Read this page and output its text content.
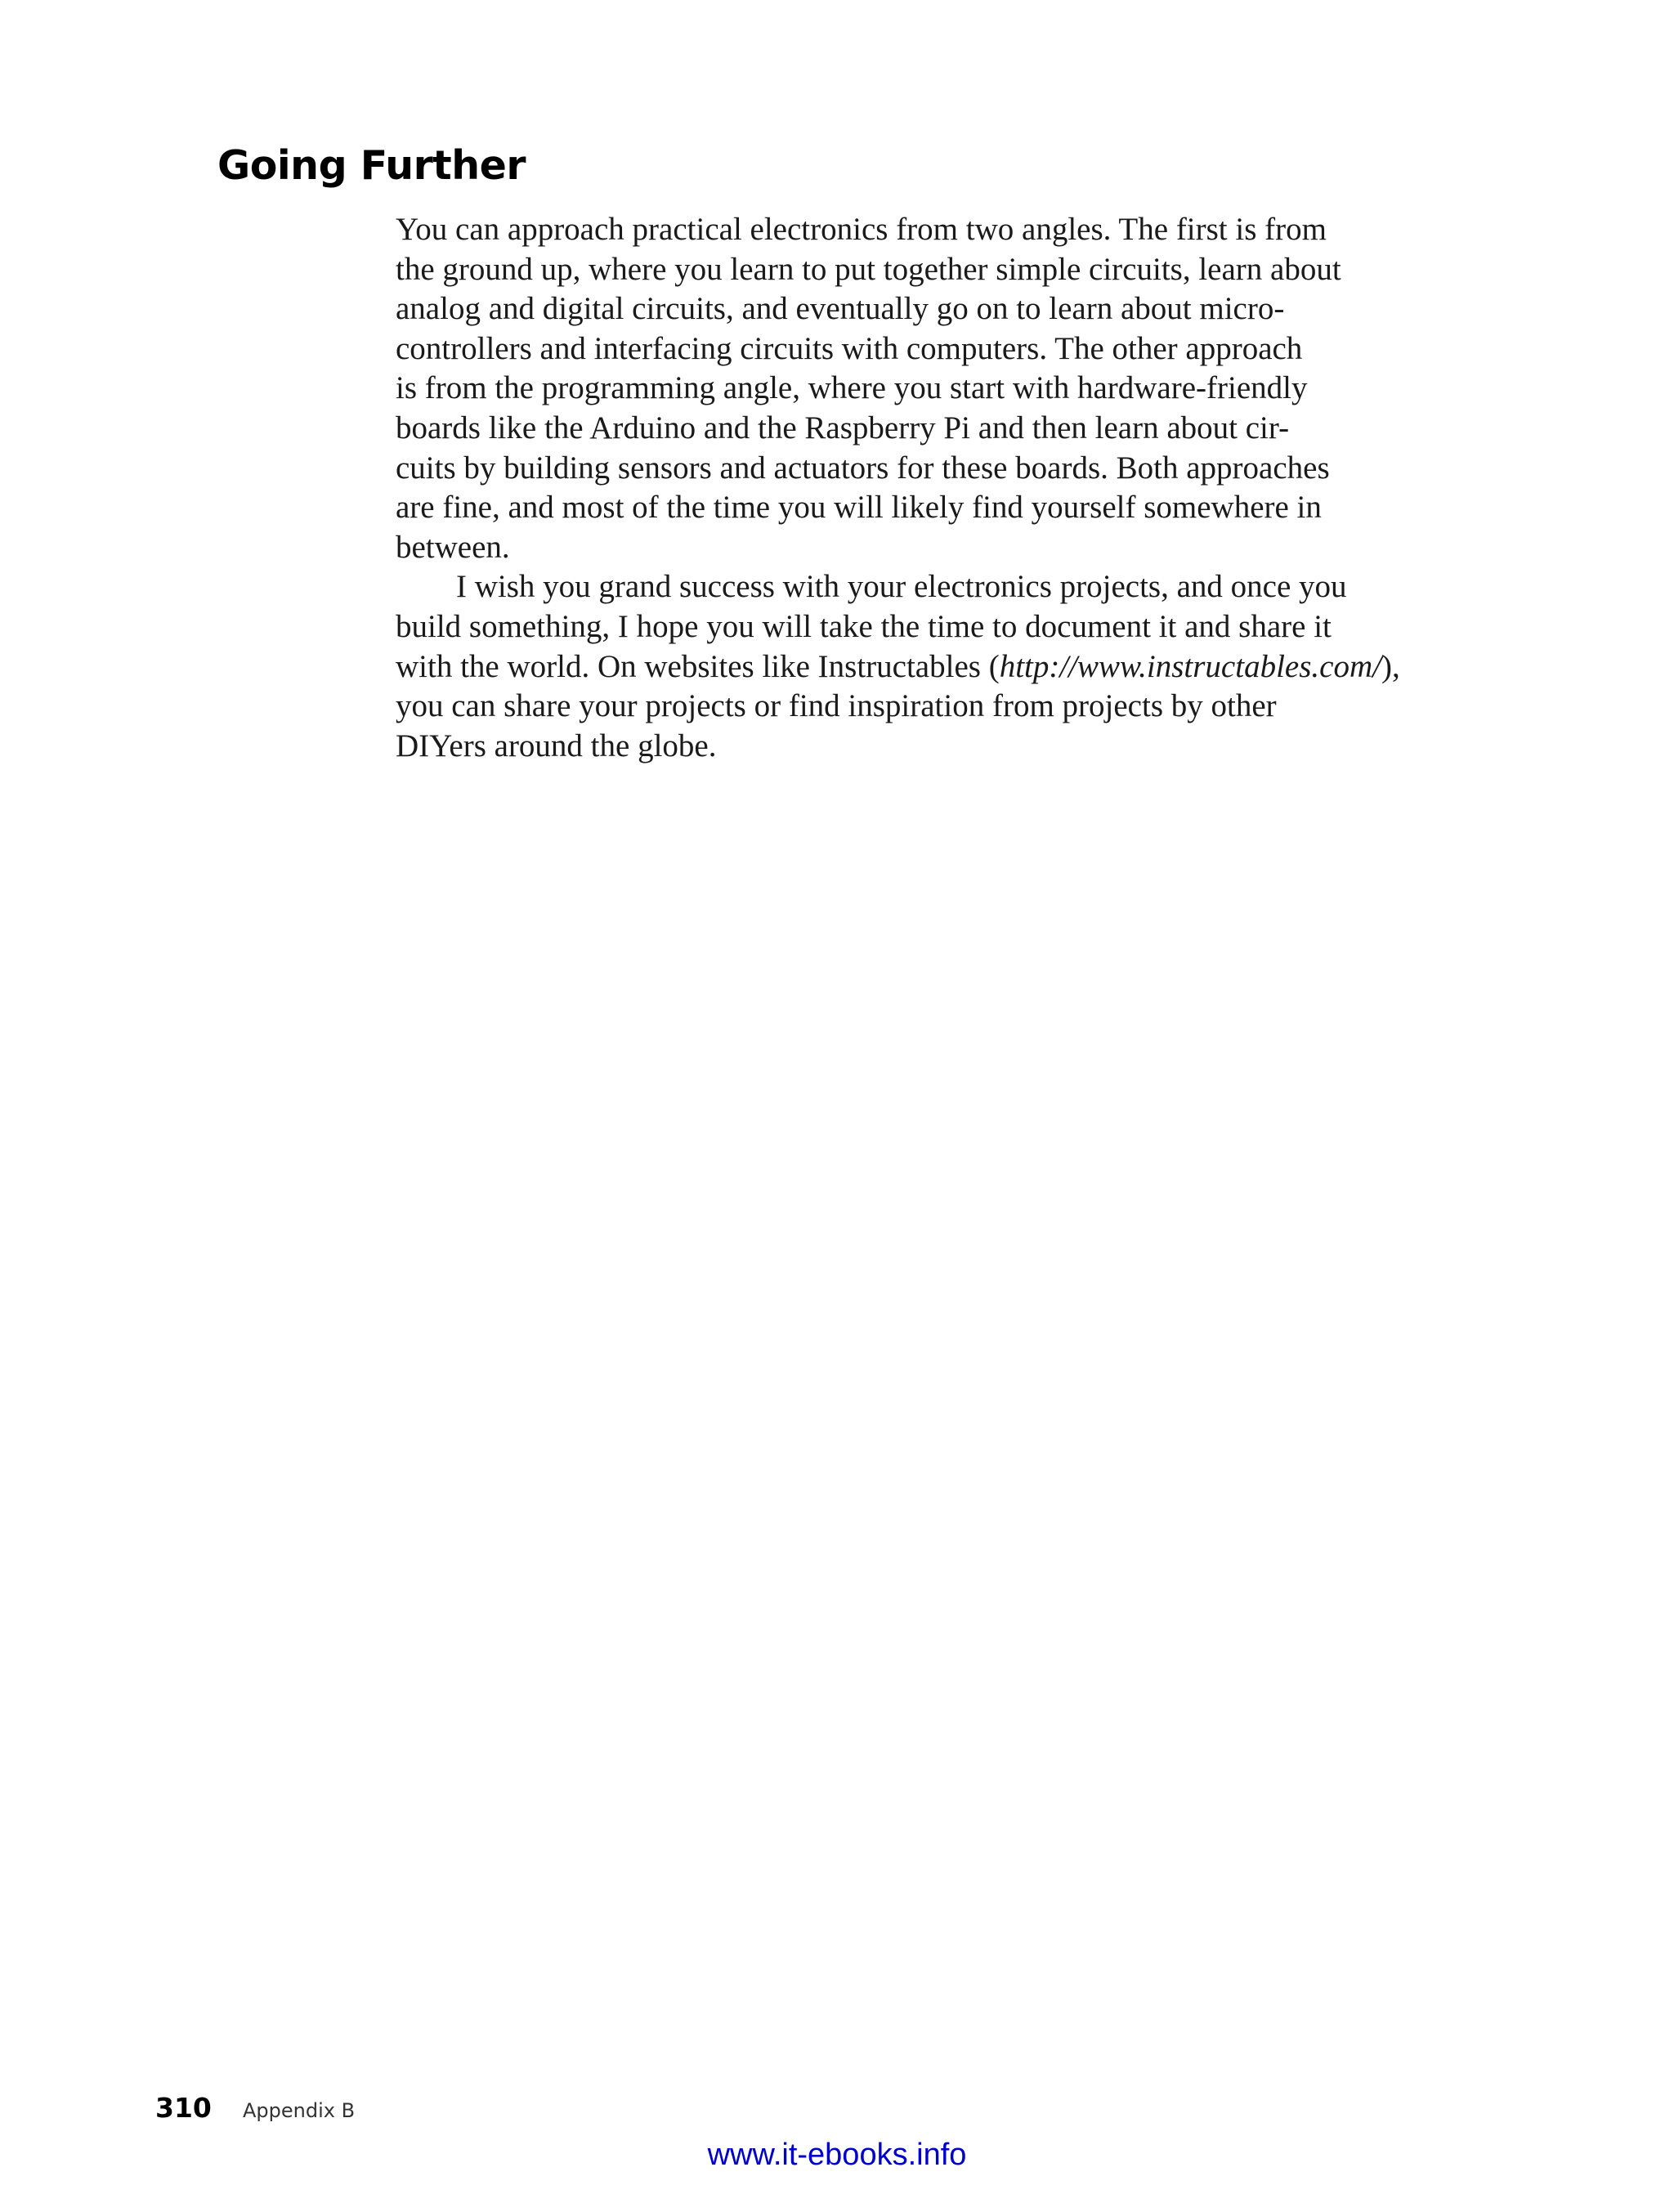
Going Further
You can approach practical electronics from two angles. The first is from
the ground up, where you learn to put together simple circuits, learn about
analog and digital circuits, and eventually go on to learn about micro-
controllers and interfacing circuits with computers. The other approach
is from the programming angle, where you start with hardware-friendly
boards like the Arduino and the Raspberry Pi and then learn about cir-
cuits by building sensors and actuators for these boards. Both approaches
are fine, and most of the time you will likely find yourself somewhere in
between.
I wish you grand success with your electronics projects, and once you
build something, I hope you will take the time to document it and share it
with the world. On websites like Instructables (http://www.instructables.com/),
you can share your projects or find inspiration from projects by other
DIYers around the globe.
310 Appendix B
www.it-ebooks.info
